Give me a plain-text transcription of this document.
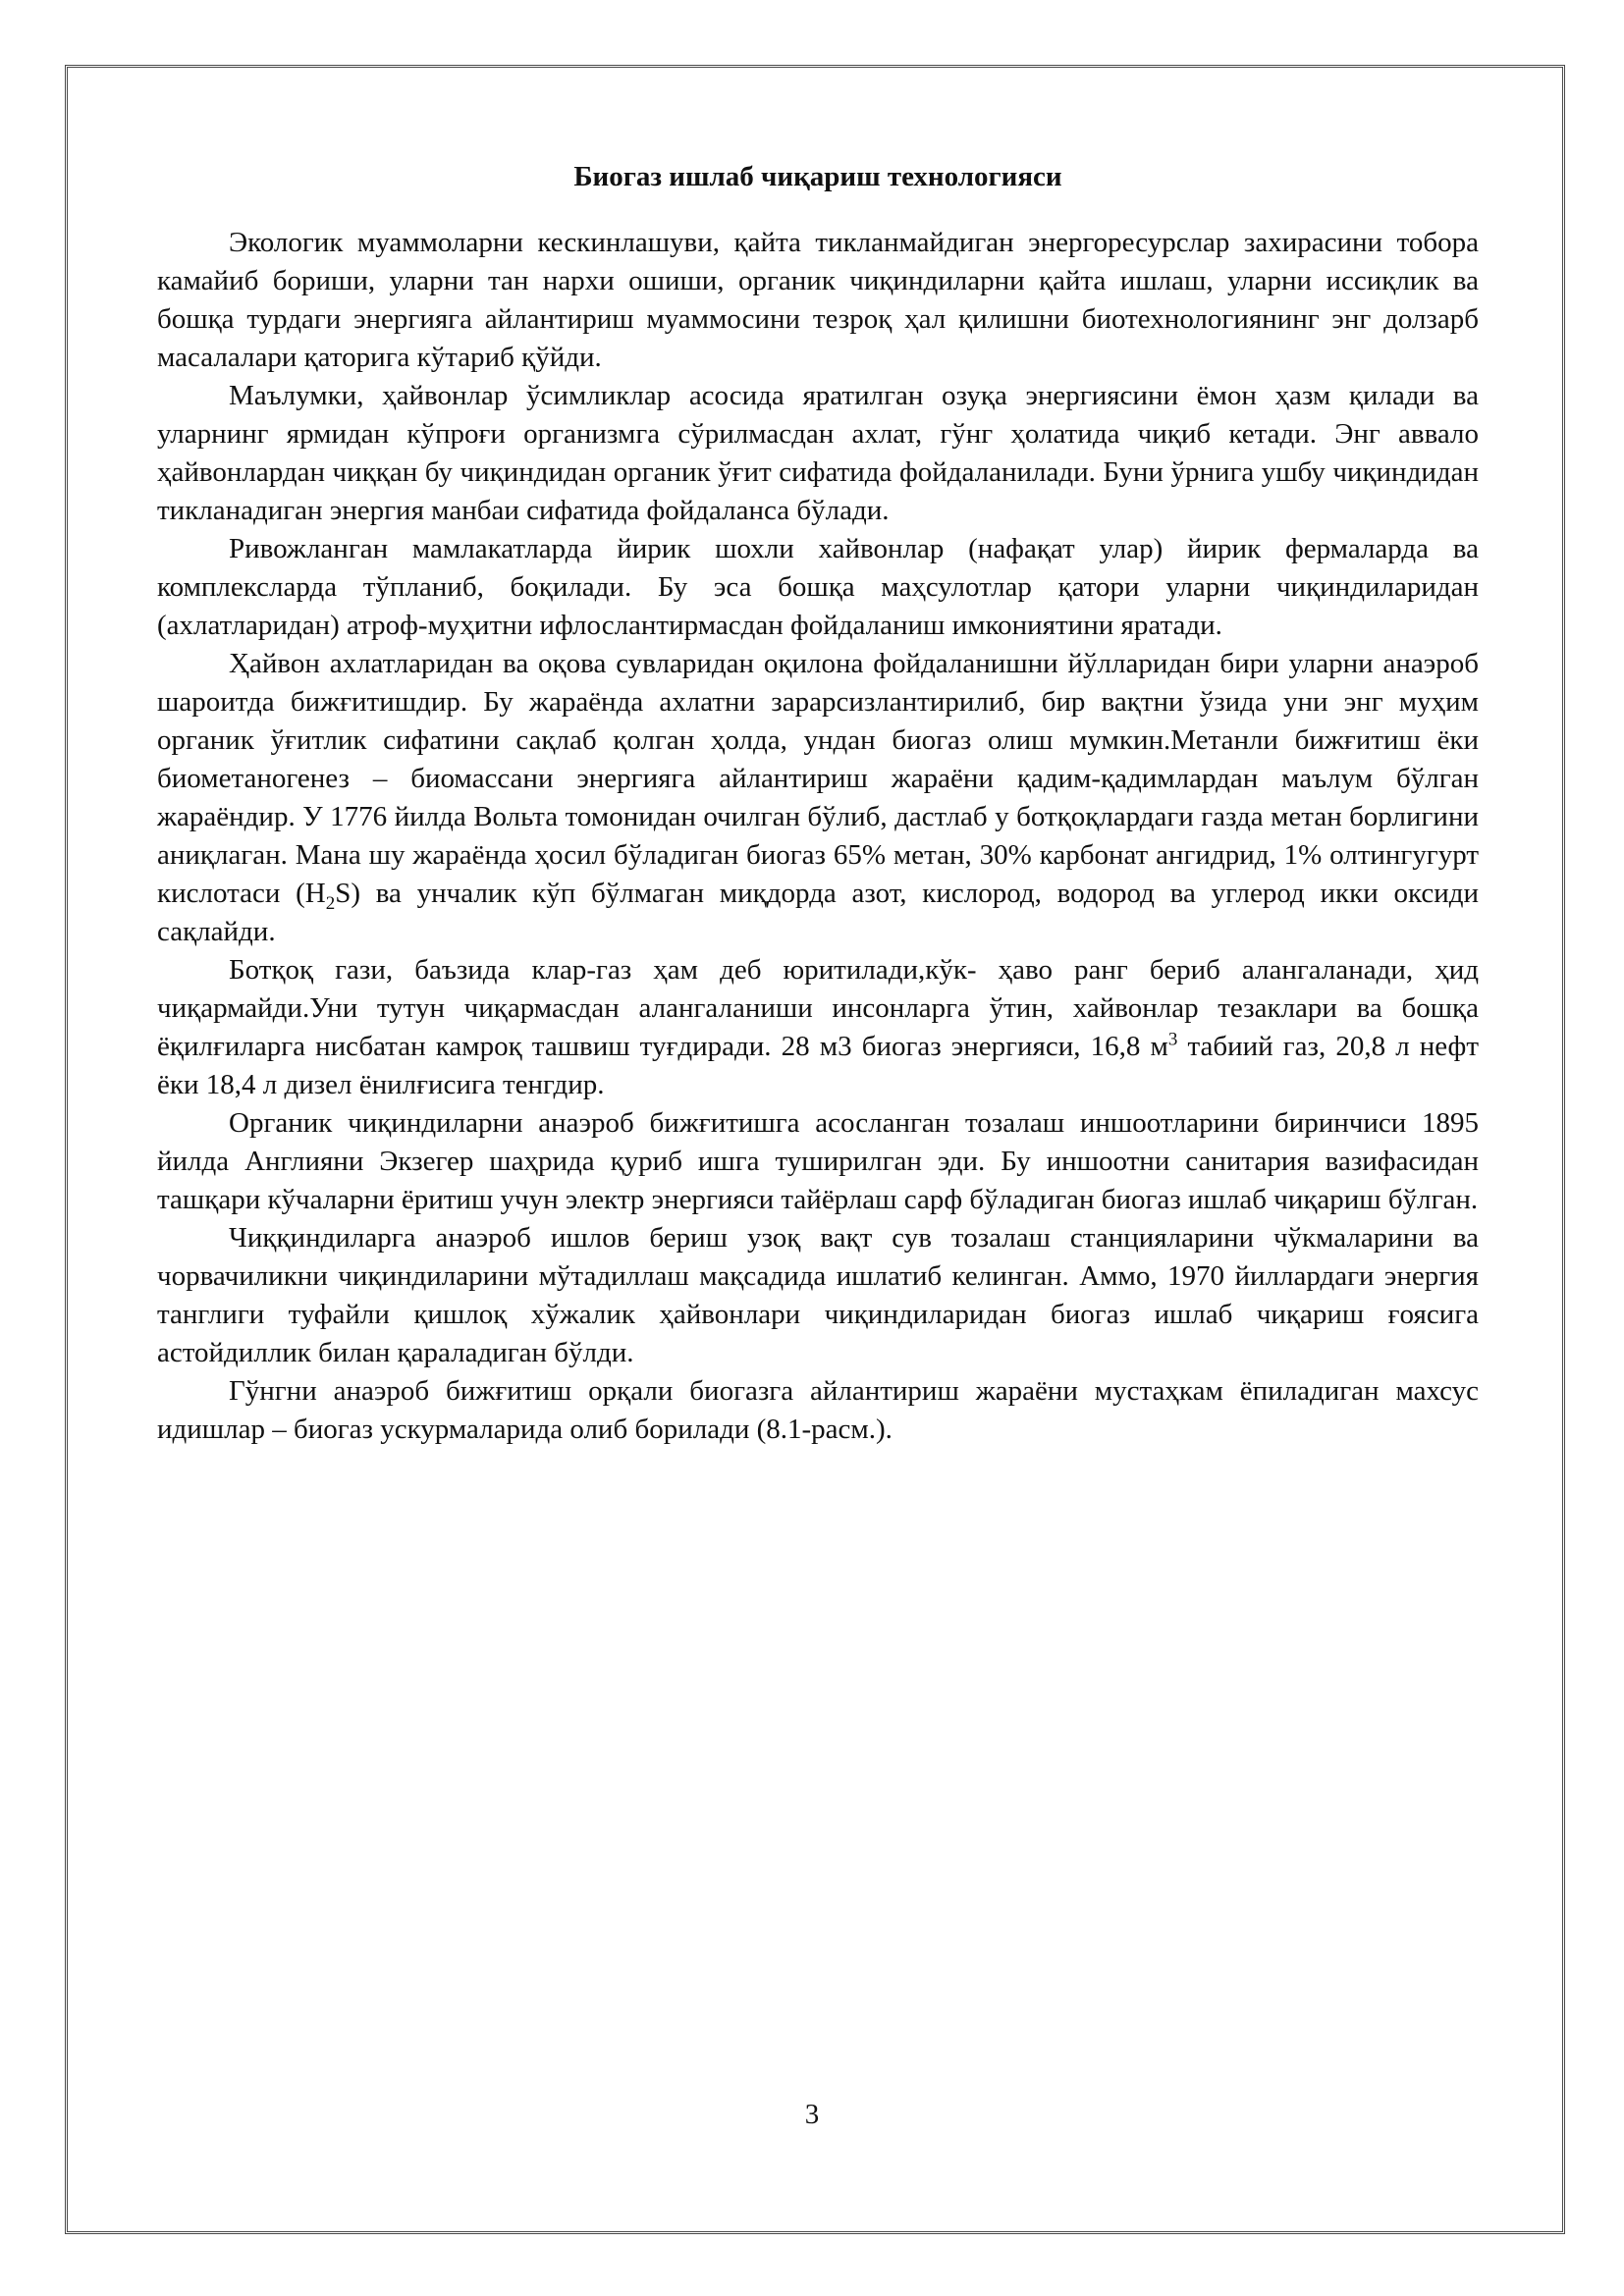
Биогаз ишлаб чиқариш технологияси

Экологик муаммоларни кескинлашуви, қайта тикланмайдиган энергоресурслар захирасини тобора камайиб бориши, уларни тан нархи ошиши, органик чиқиндиларни қайта ишлаш, уларни иссиқлик ва бошқа турдаги энергияга айлантириш муаммосини тезроқ ҳал қилишни биотехнологиянинг энг долзарб масалалари қаторига кўтариб қўйди.

Маълумки, ҳайвонлар ўсимликлар асосида яратилган озуқа энергиясини ёмон ҳазм қилади ва уларнинг ярмидан кўпроғи организмга сўрилмасдан ахлат, гўнг ҳолатида чиқиб кетади. Энг аввало ҳайвонлардан чиққан бу чиқиндидан органик ўғит сифатида фойдаланилади. Буни ўрнига ушбу чиқиндидан тикланадиган энергия манбаи сифатида фойдаланса бўлади.

Ривожланган мамлакатларда йирик шохли хайвонлар (нафақат улар) йирик фермаларда ва комплексларда тўпланиб, боқилади. Бу эса бошқа маҳсулотлар қатори уларни чиқиндиларидан (ахлатларидан) атроф-муҳитни ифлослантирмасдан фойдаланиш имкониятини яратади.

Ҳайвон ахлатларидан ва оқова сувларидан оқилона фойдаланишни йўлларидан бири уларни анаэроб шароитда бижғитишдир. Бу жараёнда ахлатни зарарсизлантирилиб, бир вақтни ўзида уни энг муҳим органик ўғитлик сифатини сақлаб қолган ҳолда, ундан биогаз олиш мумкин.Метанли бижғитиш ёки биометаногенез – биомассани энергияга айлантириш жараёни қадим-қадимлардан маълум бўлган жараёндир. У 1776 йилда Вольта томонидан очилган бўлиб, дастлаб у ботқоқлардаги газда метан борлигини аниқлаган. Мана шу жараёнда ҳосил бўладиган биогаз 65% метан, 30% карбонат ангидрид, 1% олтингугурт кислотаси $(H_2S)$ ва унчалик кўп бўлмаган миқдорда азот, кислород, водород ва углерод икки оксиди сақлайди.

Ботқоқ гази, баъзида клар-газ ҳам деб юритилади,кўк- ҳаво ранг бериб алангаланади, ҳид чиқармайди.Уни тутун чиқармасдан алангаланиши инсонларга ўтин, хайвонлар тезаклари ва бошқа ёқилғиларга нисбатан камроқ ташвиш туғдиради. 28 м3 биогаз энергияси, 16,8 $м^3$ табиий газ, 20,8 л нефт ёки 18,4 л дизел ёнилғисига тенгдир.

Органик чиқиндиларни анаэроб бижғитишга асосланган тозалаш иншоотларини биринчиси 1895 йилда Англияни Экзегер шаҳрида қуриб ишга туширилган эди. Бу иншоотни санитария вазифасидан ташқари кўчаларни ёритиш учун электр энергияси тайёрлаш сарф бўладиган биогаз ишлаб чиқариш бўлган.

Чиққиндиларга анаэроб ишлов бериш узоқ вақт сув тозалаш станцияларини чўкмаларини ва чорвачиликни чиқиндиларини мўтадиллаш мақсадида ишлатиб келинган. Аммо, 1970 йиллардаги энергия танглиги туфайли қишлоқ хўжалик ҳайвонлари чиқиндиларидан биогаз ишлаб чиқариш ғоясига астойдиллик билан қараладиган бўлди.

Гўнгни анаэроб бижғитиш орқали биогазга айлантириш жараёни мустаҳкам ёпиладиган махсус идишлар – биогаз ускурмаларида олиб борилади (8.1-расм.).

3
